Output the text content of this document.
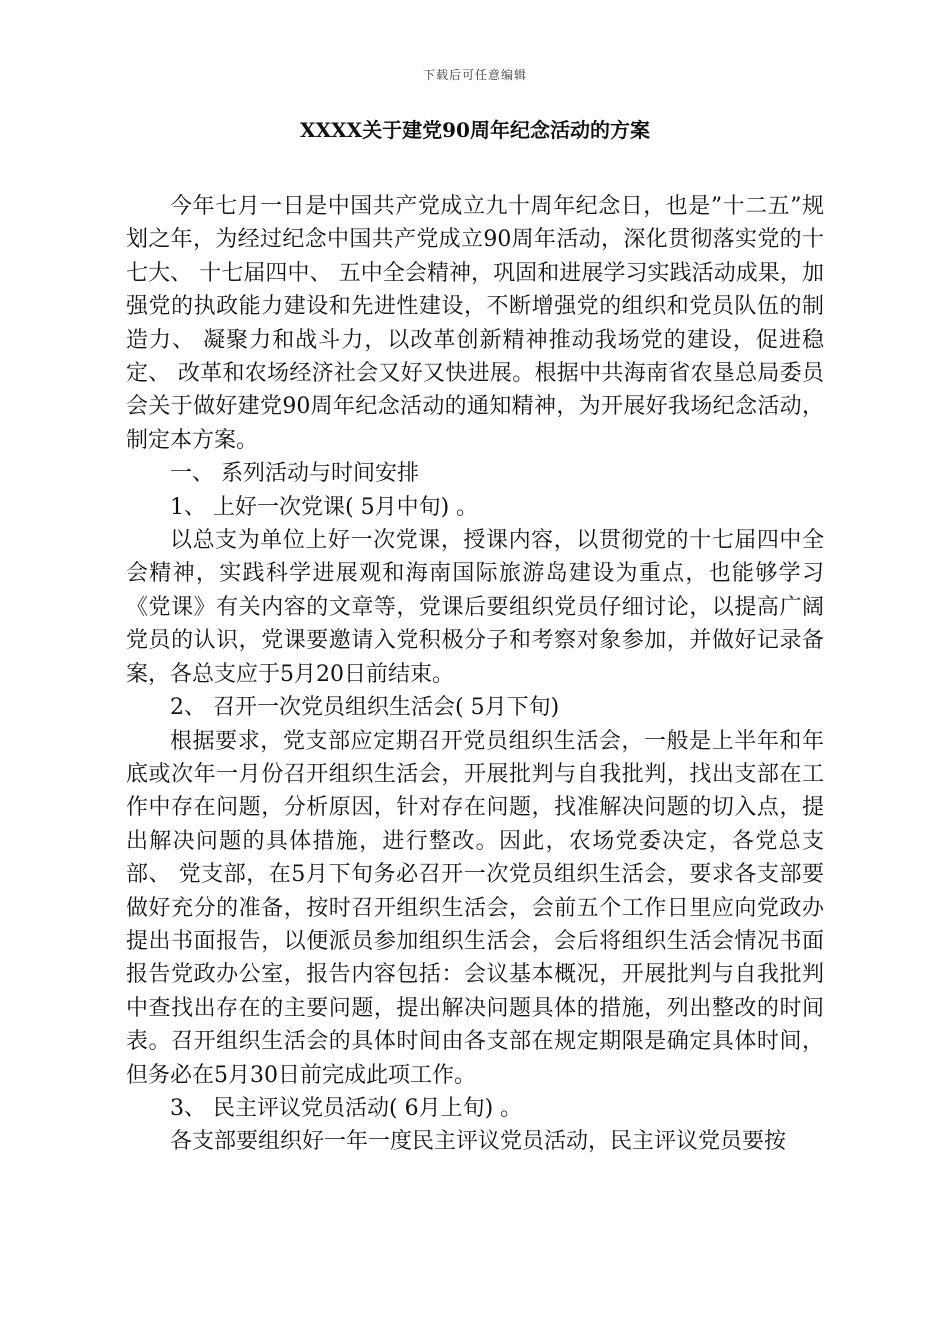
下载后可任意编辑
XXXX关于建党90周年纪念活动的方案

今年七月一日是中国共产党成立九十周年纪念日，也是”十二五”规划之年，为经过纪念中国共产党成立90周年活动，深化贯彻落实党的十七大、 十七届四中、 五中全会精神，巩固和进展学习实践活动成果，加强党的执政能力建设和先进性建设，不断增强党的组织和党员队伍的制造力、 凝聚力和战斗力，以改革创新精神推动我场党的建设，促进稳定、 改革和农场经济社会又好又快进展。根据中共海南省农垦总局委员会关于做好建党90周年纪念活动的通知精神，为开展好我场纪念活动，制定本方案。

一、 系列活动与时间安排

1、 上好一次党课( 5月中旬) 。

以总支为单位上好一次党课，授课内容，以贯彻党的十七届四中全会精神，实践科学进展观和海南国际旅游岛建设为重点，也能够学习《党课》有关内容的文章等，党课后要组织党员仔细讨论，以提高广阔党员的认识，党课要邀请入党积极分子和考察对象参加，并做好记录备案，各总支应于5月20日前结束。

2、 召开一次党员组织生活会( 5月下旬)

根据要求，党支部应定期召开党员组织生活会，一般是上半年和年底或次年一月份召开组织生活会，开展批判与自我批判，找出支部在工作中存在问题，分析原因，针对存在问题，找准解决问题的切入点，提出解决问题的具体措施，进行整改。因此，农场党委决定，各党总支部、 党支部，在5月下旬务必召开一次党员组织生活会，要求各支部要做好充分的准备，按时召开组织生活会，会前五个工作日里应向党政办提出书面报告，以便派员参加组织生活会，会后将组织生活会情况书面报告党政办公室，报告内容包括：会议基本概况，开展批判与自我批判中查找出存在的主要问题，提出解决问题具体的措施，列出整改的时间表。召开组织生活会的具体时间由各支部在规定期限是确定具体时间，但务必在5月30日前完成此项工作。

3、 民主评议党员活动( 6月上旬) 。

各支部要组织好一年一度民主评议党员活动，民主评议党员要按
